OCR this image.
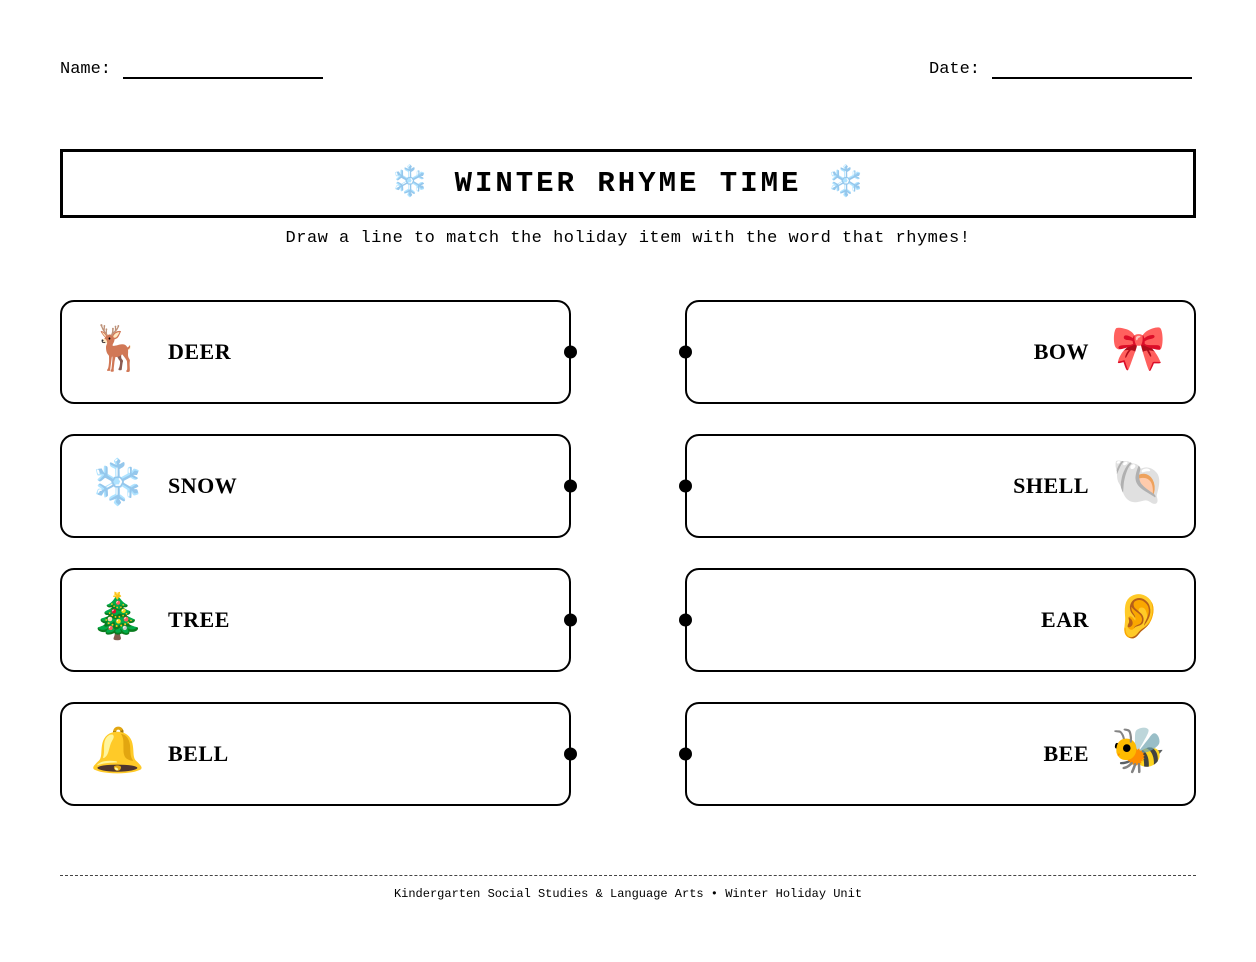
Name:	Date:
❄️ WINTER RHYME TIME ❄️
Draw a line to match the holiday item with the word that rhymes!
🦌 DEER
❄️ SNOW
🎄 TREE
🔔 BELL
BOW 🎀
SHELL 🐚
EAR 👂
BEE 🐝
Kindergarten Social Studies & Language Arts • Winter Holiday Unit
